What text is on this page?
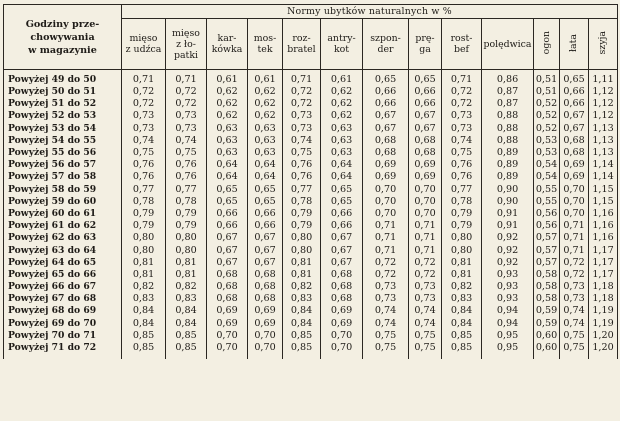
Godziny prze-
chowywania
w magazynie	Normy ubytków naturalnych w %												
	mięso
z udźca	mięso
z ło-
patki	kar-
kówka	mos-
tek	roz-
bratel	antry-
kot	szpon-
der	prę-
ga	rost-
bef	polędwica	ogon	łata	szyja
Powyżej 49 do 50	0,71	0,71	0,61	0,61	0,71	0,61	0,65	0,65	0,71	0,86	0,51	0,65	1,11
Powyżej 50 do 51	0,72	0,72	0,62	0,62	0,72	0,62	0,66	0,66	0,72	0,87	0,51	0,66	1,12
Powyżej 51 do 52	0,72	0,72	0,62	0,62	0,72	0,62	0,66	0,66	0,72	0,87	0,52	0,66	1,12
Powyżej 52 do 53	0,73	0,73	0,62	0,62	0,73	0,62	0,67	0,67	0,73	0,88	0,52	0,67	1,12
Powyżej 53 do 54	0,73	0,73	0,63	0,63	0,73	0,63	0,67	0,67	0,73	0,88	0,52	0,67	1,13
Powyżej 54 do 55	0,74	0,74	0,63	0,63	0,74	0,63	0,68	0,68	0,74	0,88	0,53	0,68	1,13
Powyżej 55 do 56	0,75	0,75	0,63	0,63	0,75	0,63	0,68	0,68	0,75	0,89	0,53	0,68	1,13
Powyżej 56 do 57	0,76	0,76	0,64	0,64	0,76	0,64	0,69	0,69	0,76	0,89	0,54	0,69	1,14
Powyżej 57 do 58	0,76	0,76	0,64	0,64	0,76	0,64	0,69	0,69	0,76	0,89	0,54	0,69	1,14
Powyżej 58 do 59	0,77	0,77	0,65	0,65	0,77	0,65	0,70	0,70	0,77	0,90	0,55	0,70	1,15
Powyżej 59 do 60	0,78	0,78	0,65	0,65	0,78	0,65	0,70	0,70	0,78	0,90	0,55	0,70	1,15
Powyżej 60 do 61	0,79	0,79	0,66	0,66	0,79	0,66	0,70	0,70	0,79	0,91	0,56	0,70	1,16
Powyżej 61 do 62	0,79	0,79	0,66	0,66	0,79	0,66	0,71	0,71	0,79	0,91	0,56	0,71	1,16
Powyżej 62 do 63	0,80	0,80	0,67	0,67	0,80	0,67	0,71	0,71	0,80	0,92	0,57	0,71	1,16
Powyżej 63 do 64	0,80	0,80	0,67	0,67	0,80	0,67	0,71	0,71	0,80	0,92	0,57	0,71	1,17
Powyżej 64 do 65	0,81	0,81	0,67	0,67	0,81	0,67	0,72	0,72	0,81	0,92	0,57	0,72	1,17
Powyżej 65 do 66	0,81	0,81	0,68	0,68	0,81	0,68	0,72	0,72	0,81	0,93	0,58	0,72	1,17
Powyżej 66 do 67	0,82	0,82	0,68	0,68	0,82	0,68	0,73	0,73	0,82	0,93	0,58	0,73	1,18
Powyżej 67 do 68	0,83	0,83	0,68	0,68	0,83	0,68	0,73	0,73	0,83	0,93	0,58	0,73	1,18
Powyżej 68 do 69	0,84	0,84	0,69	0,69	0,84	0,69	0,74	0,74	0,84	0,94	0,59	0,74	1,19
Powyżej 69 do 70	0,84	0,84	0,69	0,69	0,84	0,69	0,74	0,74	0,84	0,94	0,59	0,74	1,19
Powyżej 70 do 71	0,85	0,85	0,70	0,70	0,85	0,70	0,75	0,75	0,85	0,95	0,60	0,75	1,20
Powyżej 71 do 72	0,85	0,85	0,70	0,70	0,85	0,70	0,75	0,75	0,85	0,95	0,60	0,75	1,20
